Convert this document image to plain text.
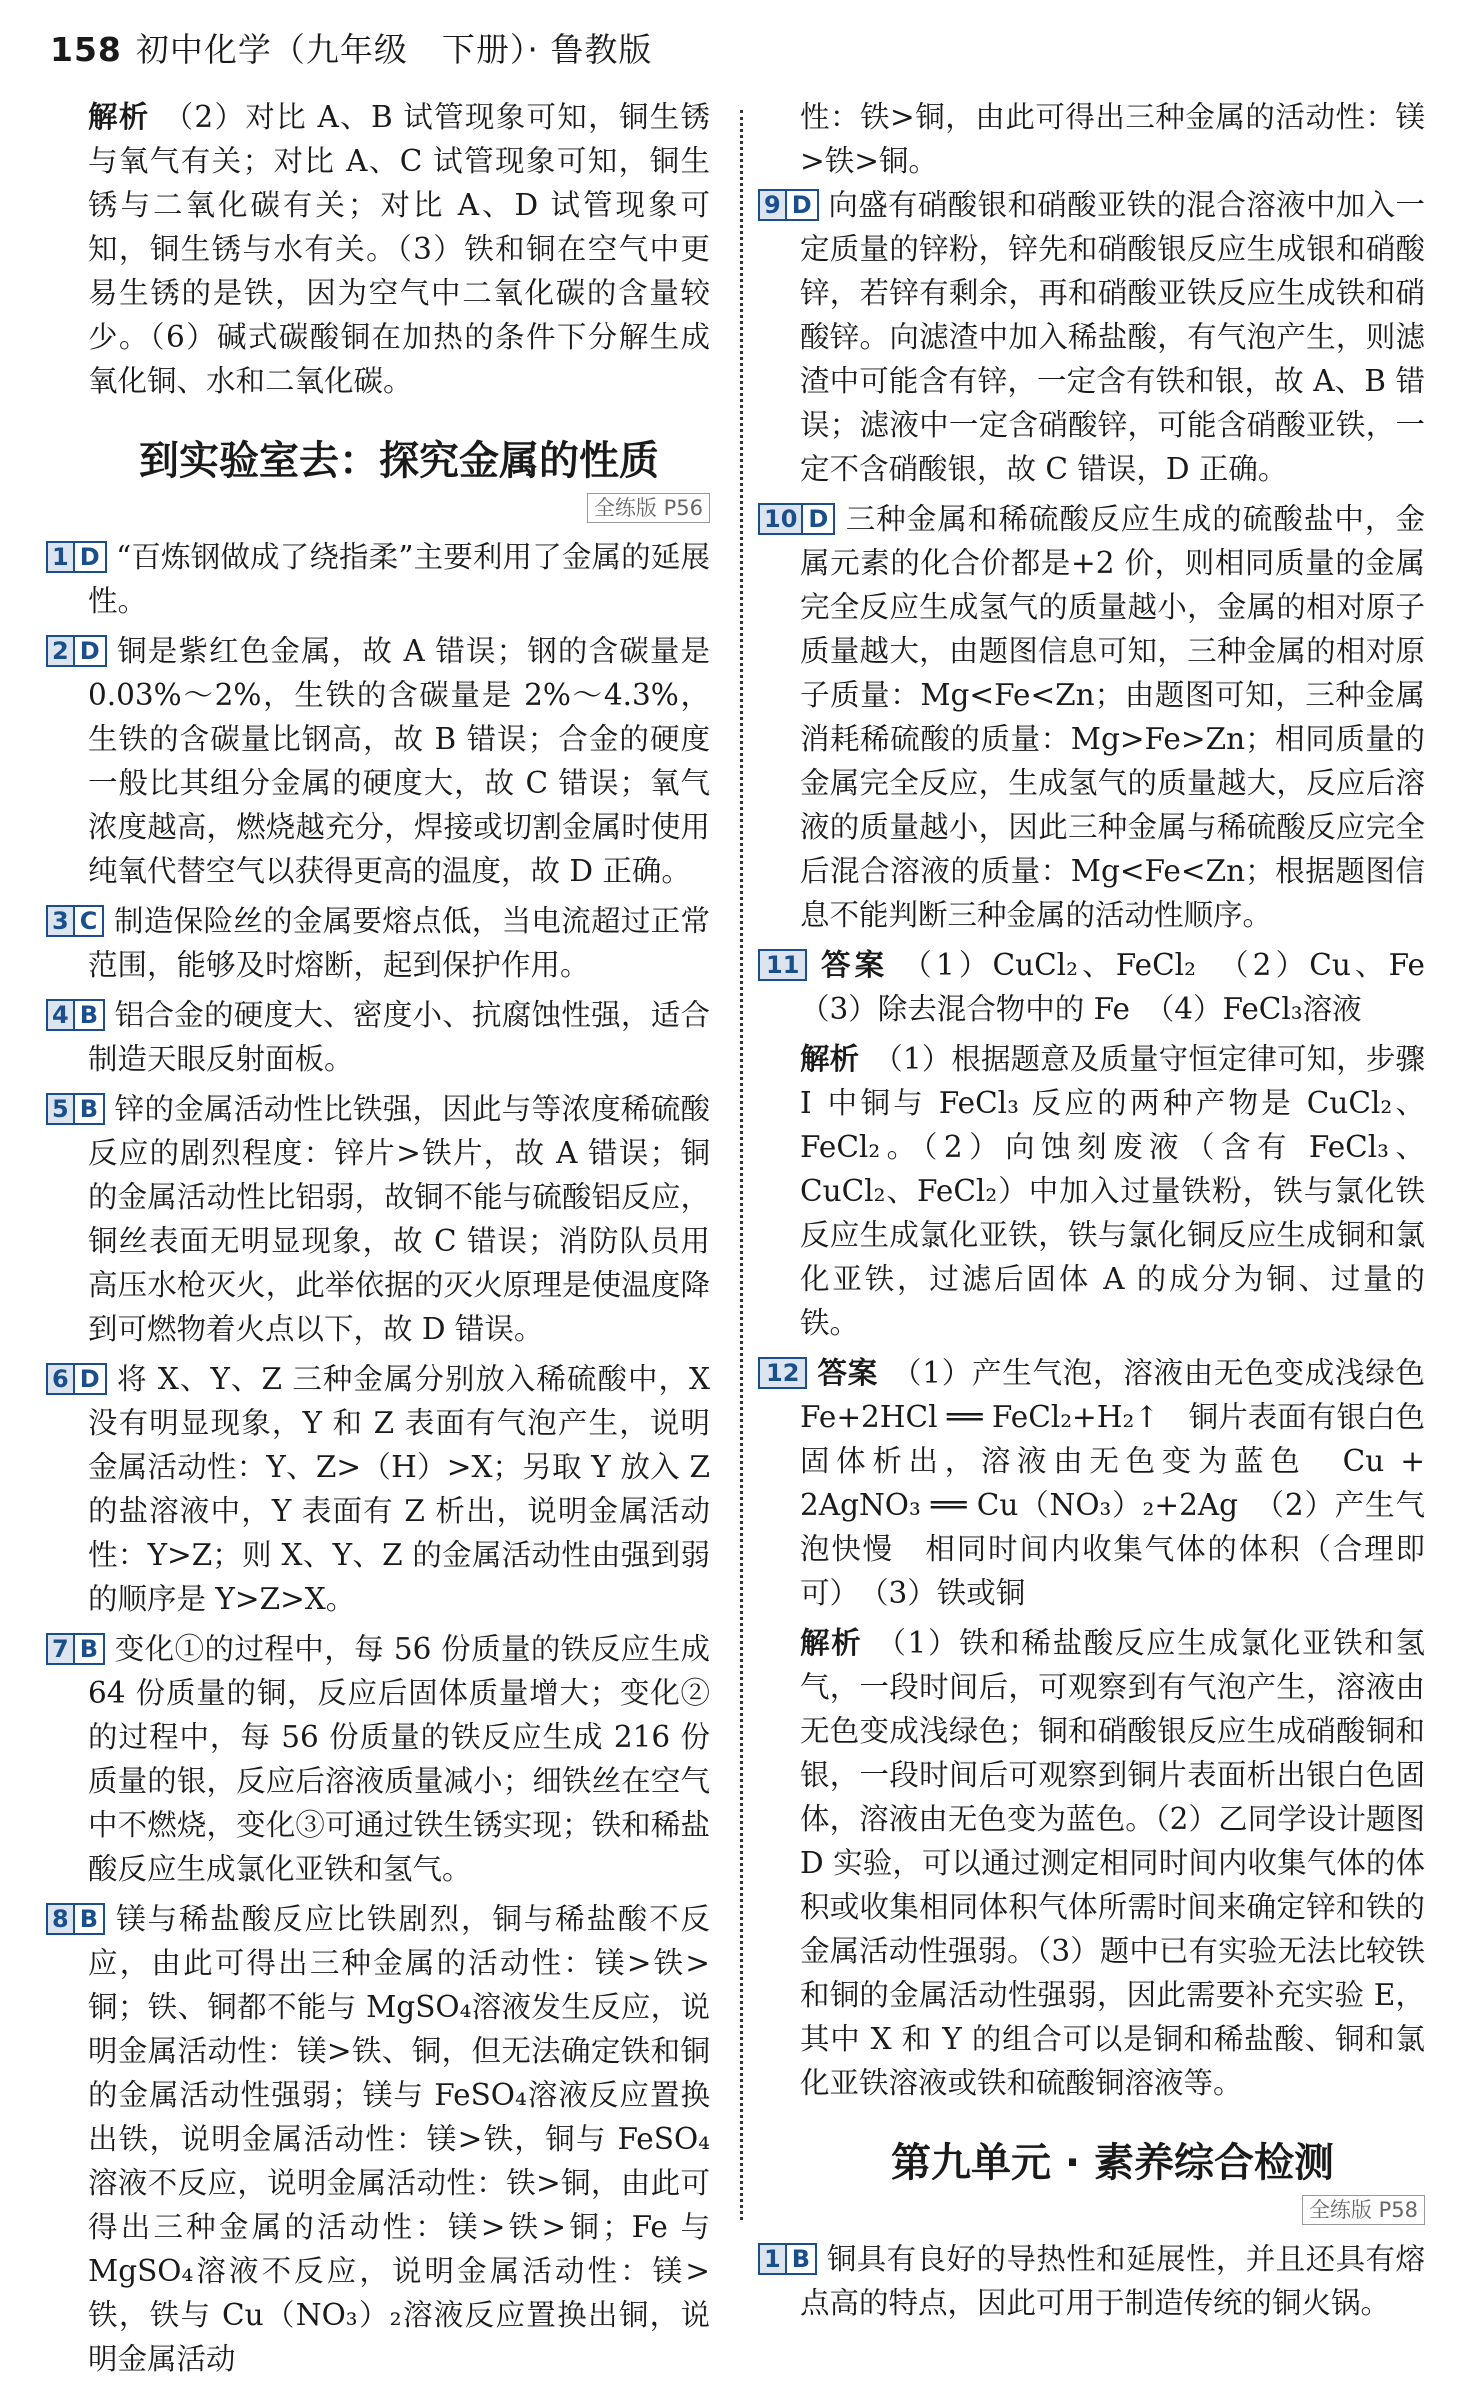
158 初中化学（九年级　下册）· 鲁教版

解析 （2）对比 A、B 试管现象可知，铜生锈与氧气有关；对比 A、C 试管现象可知，铜生锈与二氧化碳有关；对比 A、D 试管现象可知，铜生锈与水有关。（3）铁和铜在空气中更易生锈的是铁，因为空气中二氧化碳的含量较少。（6）碱式碳酸铜在加热的条件下分解生成氧化铜、水和二氧化碳。

到实验室去：探究金属的性质
全练版 P56

1 D “百炼钢做成了绕指柔”主要利用了金属的延展性。

2 D 铜是紫红色金属，故 A 错误；钢的含碳量是 0.03%～2%，生铁的含碳量是 2%～4.3%，生铁的含碳量比钢高，故 B 错误；合金的硬度一般比其组分金属的硬度大，故 C 错误；氧气浓度越高，燃烧越充分，焊接或切割金属时使用纯氧代替空气以获得更高的温度，故 D 正确。

3 C 制造保险丝的金属要熔点低，当电流超过正常范围，能够及时熔断，起到保护作用。

4 B 铝合金的硬度大、密度小、抗腐蚀性强，适合制造天眼反射面板。

5 B 锌的金属活动性比铁强，因此与等浓度稀硫酸反应的剧烈程度：锌片>铁片，故 A 错误；铜的金属活动性比铝弱，故铜不能与硫酸铝反应，铜丝表面无明显现象，故 C 错误；消防队员用高压水枪灭火，此举依据的灭火原理是使温度降到可燃物着火点以下，故 D 错误。

6 D 将 X、Y、Z 三种金属分别放入稀硫酸中，X 没有明显现象，Y 和 Z 表面有气泡产生，说明金属活动性：Y、Z>（H）>X；另取 Y 放入 Z 的盐溶液中，Y 表面有 Z 析出，说明金属活动性：Y>Z；则 X、Y、Z 的金属活动性由强到弱的顺序是 Y>Z>X。

7 B 变化①的过程中，每 56 份质量的铁反应生成 64 份质量的铜，反应后固体质量增大；变化②的过程中，每 56 份质量的铁反应生成 216 份质量的银，反应后溶液质量减小；细铁丝在空气中不燃烧，变化③可通过铁生锈实现；铁和稀盐酸反应生成氯化亚铁和氢气。

8 B 镁与稀盐酸反应比铁剧烈，铜与稀盐酸不反应，由此可得出三种金属的活动性：镁>铁>铜；铁、铜都不能与 MgSO₄溶液发生反应，说明金属活动性：镁>铁、铜，但无法确定铁和铜的金属活动性强弱；镁与 FeSO₄溶液反应置换出铁，说明金属活动性：镁>铁，铜与 FeSO₄溶液不反应，说明金属活动性：铁>铜，由此可得出三种金属的活动性：镁>铁>铜；Fe 与 MgSO₄溶液不反应，说明金属活动性：镁>铁，铁与 Cu（NO₃）₂溶液反应置换出铜，说明金属活动

性：铁>铜，由此可得出三种金属的活动性：镁>铁>铜。

9 D 向盛有硝酸银和硝酸亚铁的混合溶液中加入一定质量的锌粉，锌先和硝酸银反应生成银和硝酸锌，若锌有剩余，再和硝酸亚铁反应生成铁和硝酸锌。向滤渣中加入稀盐酸，有气泡产生，则滤渣中可能含有锌，一定含有铁和银，故 A、B 错误；滤液中一定含硝酸锌，可能含硝酸亚铁，一定不含硝酸银，故 C 错误，D 正确。

10 D 三种金属和稀硫酸反应生成的硫酸盐中，金属元素的化合价都是+2 价，则相同质量的金属完全反应生成氢气的质量越小，金属的相对原子质量越大，由题图信息可知，三种金属的相对原子质量：Mg<Fe<Zn；由题图可知，三种金属消耗稀硫酸的质量：Mg>Fe>Zn；相同质量的金属完全反应，生成氢气的质量越大，反应后溶液的质量越小，因此三种金属与稀硫酸反应完全后混合溶液的质量：Mg<Fe<Zn；根据题图信息不能判断三种金属的活动性顺序。

11 答案 （1）CuCl₂、FeCl₂　（2）Cu、Fe　（3）除去混合物中的 Fe　（4）FeCl₃溶液

解析 （1）根据题意及质量守恒定律可知，步骤 Ⅰ 中铜与 FeCl₃ 反应的两种产物是 CuCl₂、FeCl₂。（2）向蚀刻废液（含有 FeCl₃、CuCl₂、FeCl₂）中加入过量铁粉，铁与氯化铁反应生成氯化亚铁，铁与氯化铜反应生成铜和氯化亚铁，过滤后固体 A 的成分为铜、过量的铁。

12 答案 （1）产生气泡，溶液由无色变成浅绿色　Fe+2HCl ══ FeCl₂+H₂↑　铜片表面有银白色固体析出，溶液由无色变为蓝色　Cu + 2AgNO₃ ══ Cu（NO₃）₂+2Ag　（2）产生气泡快慢　相同时间内收集气体的体积（合理即可）　（3）铁或铜

解析 （1）铁和稀盐酸反应生成氯化亚铁和氢气，一段时间后，可观察到有气泡产生，溶液由无色变成浅绿色；铜和硝酸银反应生成硝酸铜和银，一段时间后可观察到铜片表面析出银白色固体，溶液由无色变为蓝色。（2）乙同学设计题图 D 实验，可以通过测定相同时间内收集气体的体积或收集相同体积气体所需时间来确定锌和铁的金属活动性强弱。（3）题中已有实验无法比较铁和铜的金属活动性强弱，因此需要补充实验 E，其中 X 和 Y 的组合可以是铜和稀盐酸、铜和氯化亚铁溶液或铁和硫酸铜溶液等。

第九单元 · 素养综合检测
全练版 P58

1 B 铜具有良好的导热性和延展性，并且还具有熔点高的特点，因此可用于制造传统的铜火锅。
